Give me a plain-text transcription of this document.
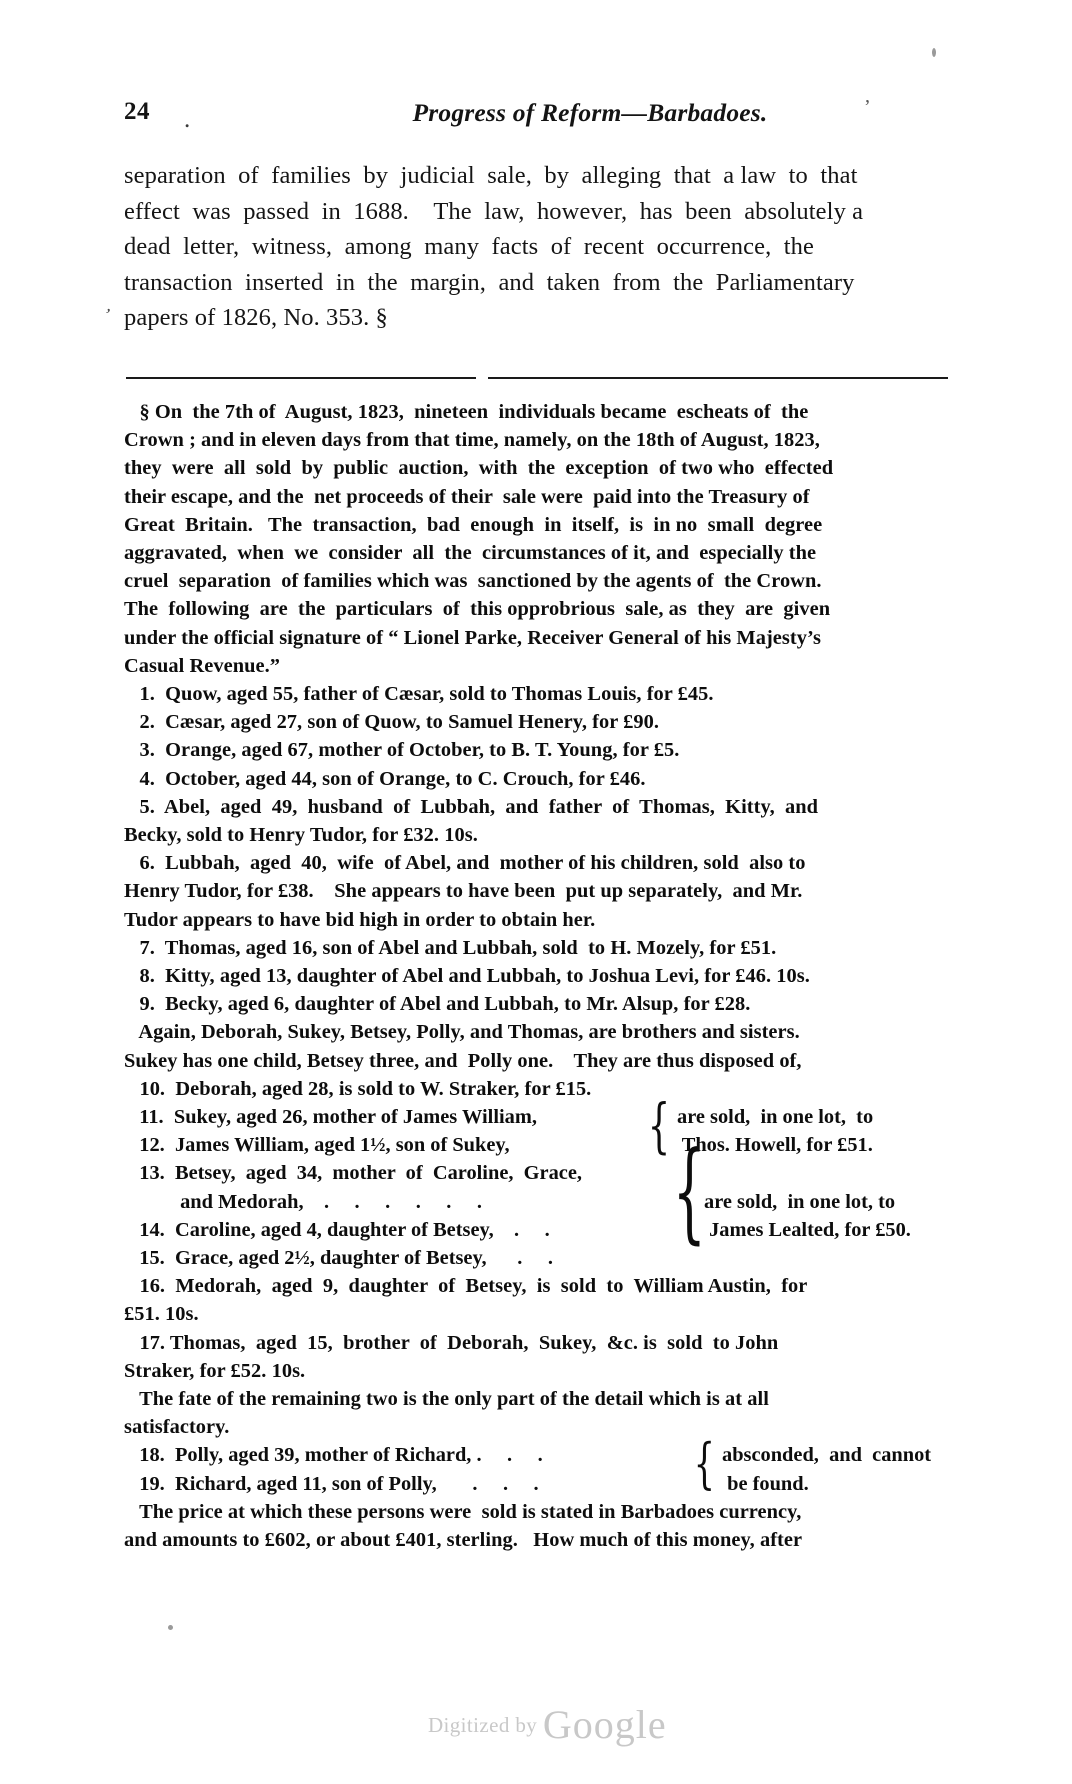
24 .	Progress of Reform—Barbadoes.	’
separation  of  families  by  judicial  sale,  by  alleging  that  a law  to  that
effect  was  passed  in  1688.    The  law,  however,  has  been  absolutely a
dead  letter,  witness,  among  many  facts  of  recent  occurrence,  the
transaction  inserted  in  the  margin,  and  taken  from  the  Parliamentary
papers of 1826, No. 353. §
,
§ On  the 7th of  August, 1823,  nineteen  individuals became  escheats of  the
Crown ; and in eleven days from that time, namely, on the 18th of August, 1823,
they  were  all  sold  by  public  auction,  with  the  exception  of two who  effected
their escape, and the  net proceeds of their  sale were  paid into the Treasury of
Great  Britain.   The  transaction,  bad  enough  in  itself,  is  in no  small  degree
aggravated,  when  we  consider  all  the  circumstances of it, and  especially the
cruel  separation  of families which was  sanctioned by the agents of  the Crown.
The  following  are  the  particulars  of  this opprobrious  sale, as  they  are  given
under the official signature of “ Lionel Parke, Receiver General of his Majesty’s
Casual Revenue.”
1.  Quow, aged 55, father of Cæsar, sold to Thomas Louis, for £45.
2.  Cæsar, aged 27, son of Quow, to Samuel Henery, for £90.
3.  Orange, aged 67, mother of October, to B. T. Young, for £5.
4.  October, aged 44, son of Orange, to C. Crouch, for £46.
5.  Abel,  aged  49,  husband  of  Lubbah,  and  father  of  Thomas,  Kitty,  and
Becky, sold to Henry Tudor, for £32. 10s.
6.  Lubbah,  aged  40,  wife  of Abel, and  mother of his children, sold  also to
Henry Tudor, for £38.    She appears to have been  put up separately,  and Mr.
Tudor appears to have bid high in order to obtain her.
7.  Thomas, aged 16, son of Abel and Lubbah, sold  to H. Mozely, for £51.
8.  Kitty, aged 13, daughter of Abel and Lubbah, to Joshua Levi, for £46. 10s.
9.  Becky, aged 6, daughter of Abel and Lubbah, to Mr. Alsup, for £28.
Again, Deborah, Sukey, Betsey, Polly, and Thomas, are brothers and sisters.
Sukey has one child, Betsey three, and  Polly one.    They are thus disposed of,
10.  Deborah, aged 28, is sold to W. Straker, for £15.

11.  Sukey, aged 26, mother of James William,

	are sold,  in one lot,  to

12.  James William, aged 1½, son of Sukey,

	Thos. Howell, for £51.

{

13.  Betsey,  aged  34,  mother  of  Caroline,  Grace,

and Medorah,    .     .     .     .     .     .

	are sold,  in one lot, to

14.  Caroline, aged 4, daughter of Betsey,    .     .

	James Lealted, for £50.

15.  Grace, aged 2½, daughter of Betsey,      .     .

{
16.  Medorah,  aged  9,  daughter  of  Betsey,  is  sold  to  William Austin,  for
£51. 10s.
17. Thomas,  aged  15,  brother  of  Deborah,  Sukey,  &c. is  sold  to John
Straker, for £52. 10s.
The fate of the remaining two is the only part of the detail which is at all
satisfactory.

18.  Polly, aged 39, mother of Richard, .     .     .

	absconded,  and  cannot

19.  Richard, aged 11, son of Polly,       .     .     .

	be found.

{
The price at which these persons were  sold is stated in Barbadoes currency,
and amounts to £602, or about £401, sterling.   How much of this money, after

Digitized by Google
